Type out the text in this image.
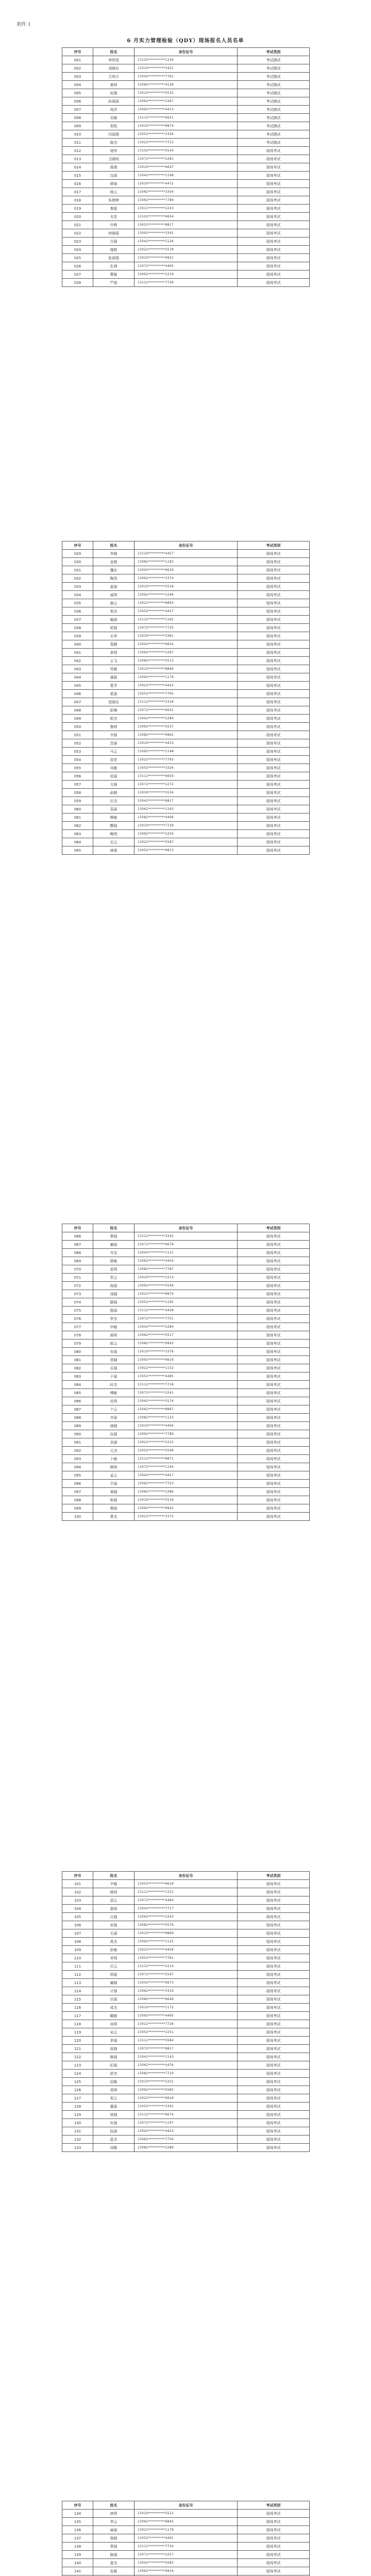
附件 1
6 月实力管理检验（QDY）现场报名人员名单
序号	姓名	身份证号	考试类别
001	李明莹	13120**********123X	考试测试
002	刘晓东	11010**********3421	考试测试
003	王明月	13042**********7761	考试测试
004	黄帅	13082**********4128	考试测试
005	赵刚	13010**********5532	考试测试
006	孙丽丽	13062**********2267	考试测试
007	周洋	13092**********4413	考试测试
008	吴敏	13112**********6621	考试测试
009	郑凯	13010**********8874	考试测试
010	冯丽娟	13052**********3326	考试测试
011	陈杰	13022**********7715	考试测试
012	褚伟	13102**********5543	现场考试
013	卫晓明	13072**********2281	现场考试
014	蒋倩	13010**********6647	现场考试
015	沈丽	13042**********1198	现场考试
016	韩斌	13030**********4472	现场考试
017	杨云	13082**********3356	现场考试
018	朱婷婷	13062**********7789	现场考试
019	秦磊	13011**********2243	现场考试
020	尤佳	13102**********6654	现场考试
021	许辉	13052**********8817	现场考试
022	何晓丽	13092**********3342	现场考试
023	吕强	13042**********1126	现场考试
024	施艳	13022**********5578	现场考试
025	张丽娟	13010**********9921	现场考试
026	孔峰	13072**********4465	现场考试
027	曹敏	13062**********2219	现场考试
028	严丽	13112**********7736	现场考试
序号	姓名	身份证号	考试类别
029	华晓	13120**********4457	现场考试
030	金艳	13082**********1183	现场考试
031	魏东	13042**********6629	现场考试
032	陶然	13062**********3374	现场考试
033	姜丽	13010**********5518	现场考试
034	戚明	13092**********2246	现场考试
035	谢云	13022**********8893	现场考试
036	邹杰	13052**********4437	现场考试
037	喻丽	13112**********1162	现场考试
038	柏强	13072**********7725	现场考试
039	水华	13030**********3381	现场考试
040	窦静	13042**********6654	现场考试
041	章明	13062**********2297	现场考试
042	云飞	13082**********5513	现场考试
043	苏敏	13010**********8846	现场考试
044	潘磊	13092**********1179	现场考试
045	葛芳	13022**********4422	现场考试
046	奚丽	13052**********7765	现场考试
047	范晓东	13112**********3318	现场考试
048	彭琳	13072**********6641	现场考试
049	郎杰	13042**********2284	现场考试
050	鲁婷	13062**********5537	现场考试
051	韦强	13082**********9962	现场考试
052	昌丽	13010**********4415	现场考试
053	马云	13092**********1148	现场考试
054	苗佳	13022**********7793	现场考试
055	凤敏	13052**********3326	现场考试
056	花丽	13112**********6659	现场考试
057	方强	13072**********2272	现场考试
058	俞晓	13030**********5534	现场考试
059	任杰	13042**********8817	现场考试
060	袁丽	13062**********1163	现场考试
061	柳敏	13082**********4496	现场考试
062	酆强	13010**********7729	现场考试
063	鲍明	13092**********2254	现场考试
064	史云	13022**********5587	现场考试
065	唐丽	13052**********9913	现场考试
序号	姓名	身份证号	考试类别
066	费强	13112**********3345	现场考试
067	廉丽	13072**********6678	现场考试
068	岑杰	13042**********1121	现场考试
069	薛敏	13062**********4454	现场考试
070	雷明	13082**********7787	现场考试
071	贺云	13010**********2213	现场考试
072	倪丽	13092**********5546	现场考试
073	汤晓	13022**********8879	现场考试
074	滕强	13052**********1195	现场考试
075	殷丽	13112**********4428	现场考试
076	罗杰	13072**********7751	现场考试
077	毕敏	13042**********2284	现场考试
078	郝明	13062**********5517	现场考试
079	邬云	13082**********9943	现场考试
080	安丽	13010**********3376	现场考试
081	常晓	13092**********6619	现场考试
082	乐强	13022**********1152	现场考试
083	于丽	13052**********4485	现场考试
084	时杰	13112**********7718	现场考试
085	傅敏	13072**********2241	现场考试
086	皮明	13042**********5574	现场考试
087	卞云	13062**********8897	现场考试
088	齐丽	13082**********1123	现场考试
089	康晓	13010**********4456	现场考试
090	伍强	13092**********7789	现场考试
091	余丽	13022**********2215	现场考试
092	元杰	13052**********5548	现场考试
093	卜敏	13112**********8871	现场考试
094	顾明	13072**********1194	现场考试
095	孟云	13042**********4427	现场考试
096	平丽	13062**********7753	现场考试
097	黄晓	13082**********2286	现场考试
098	和强	13010**********5519	现场考试
099	穆丽	13092**********9942	现场考试
100	萧杰	13022**********3375	现场考试
序号	姓名	身份证号	考试类别
101	尹敏	13052**********6618	现场考试
102	姚明	13112**********1151	现场考试
103	邵云	13072**********4484	现场考试
104	湛丽	13042**********7717	现场考试
105	汪晓	13062**********2243	现场考试
106	祁强	13082**********5576	现场考试
107	毛丽	13010**********8899	现场考试
108	禹杰	13092**********1125	现场考试
109	狄敏	13022**********4458	现场考试
110	米明	13052**********7781	现场考试
111	贝云	13112**********2214	现场考试
112	明丽	13072**********5547	现场考试
113	臧晓	13042**********9973	现场考试
114	计强	13062**********3316	现场考试
115	伏丽	13082**********6649	现场考试
116	成杰	13010**********1172	现场考试
117	戴敏	13092**********4495	现场考试
118	谈明	13022**********7728	现场考试
119	宋云	13052**********2251	现场考试
120	茅丽	13112**********5584	现场考试
121	庞晓	13072**********8817	现场考试
122	熊强	13042**********1143	现场考试
123	纪丽	13062**********4476	现场考试
124	舒杰	13082**********7719	现场考试
125	屈敏	13010**********2252	现场考试
126	项明	13092**********5585	现场考试
127	祝云	13022**********9918	现场考试
128	董丽	13052**********3341	现场考试
129	梁晓	13112**********6674	现场考试
130	杜强	13072**********1197	现场考试
131	阮丽	13042**********4423	现场考试
132	蓝杰	13062**********7756	现场考试
133	闵敏	13082**********2289	现场考试
序号	姓名	身份证号	考试类别
134	席明	13010**********5512	现场考试
135	季云	13092**********8845	现场考试
136	麻丽	13022**********1178	现场考试
137	强晓	13052**********4491	现场考试
138	贾强	13112**********7724	现场考试
139	路丽	13072**********2257	现场考试
140	娄杰	13042**********5583	现场考试
141	危敏	13062**********9916	现场考试
